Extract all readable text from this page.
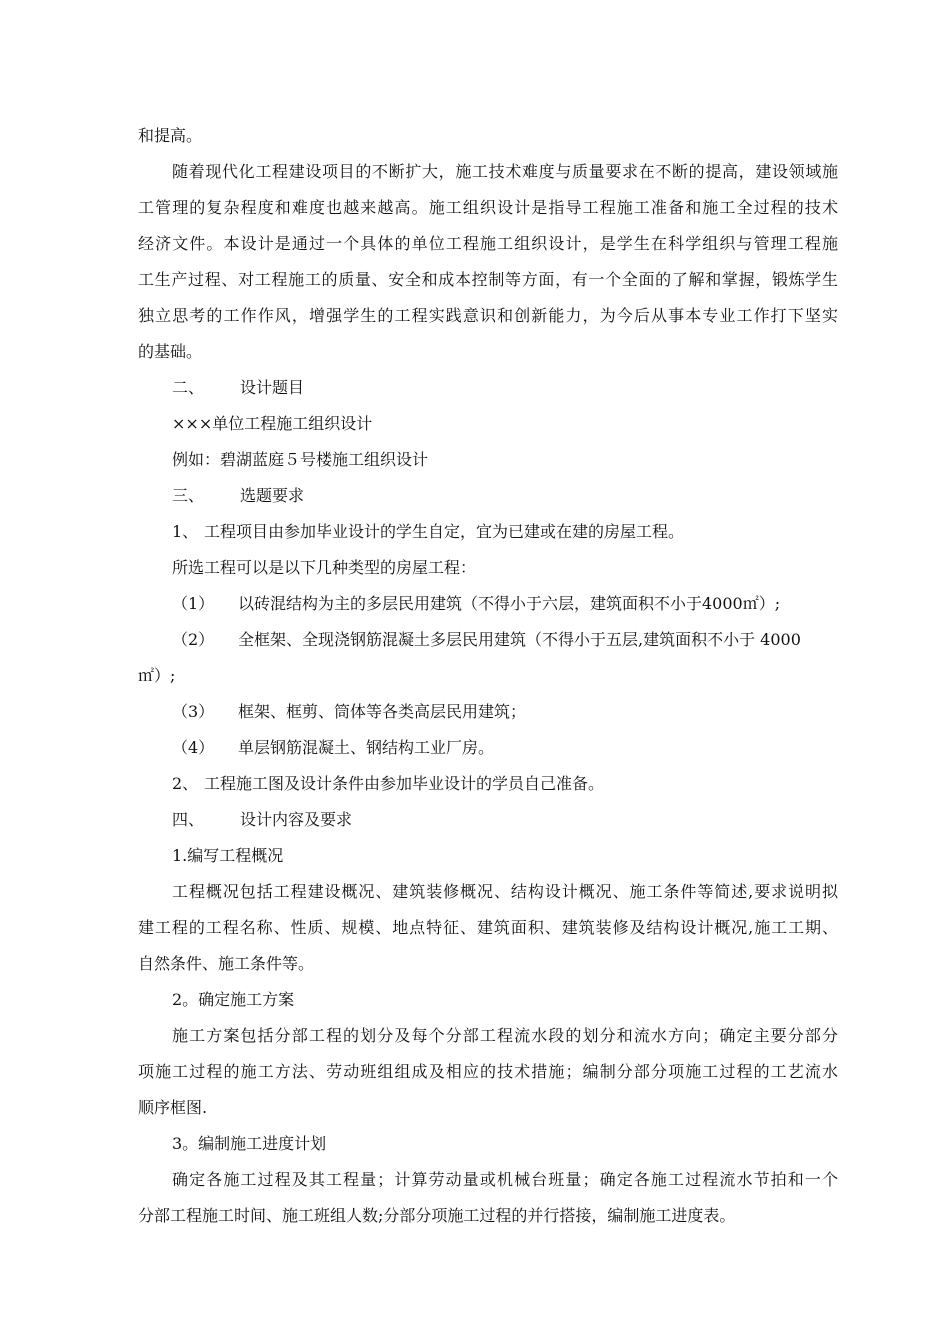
和提高。
随着现代化工程建设项目的不断扩大，施工技术难度与质量要求在不断的提高，建设领域施
工管理的复杂程度和难度也越来越高。施工组织设计是指导工程施工准备和施工全过程的技术
经济文件。本设计是通过一个具体的单位工程施工组织设计，是学生在科学组织与管理工程施
工生产过程、对工程施工的质量、安全和成本控制等方面，有一个全面的了解和掌握，锻炼学生
独立思考的工作作风，增强学生的工程实践意识和创新能力，为今后从事本专业工作打下坚实
的基础。
二、 设计题目
×××单位工程施工组织设计
例如：碧湖蓝庭５号楼施工组织设计
三、 选题要求
1、 工程项目由参加毕业设计的学生自定，宜为已建或在建的房屋工程。
所选工程可以是以下几种类型的房屋工程：
（1） 以砖混结构为主的多层民用建筑（不得小于六层，建筑面积不小于4000㎡）;
（2） 全框架、全现浇钢筋混凝土多层民用建筑（不得小于五层,建筑面积不小于 4000
㎡）;
（3） 框架、框剪、筒体等各类高层民用建筑；
（4） 单层钢筋混凝土、钢结构工业厂房。
2、 工程施工图及设计条件由参加毕业设计的学员自己准备。
四、 设计内容及要求
1.编写工程概况
工程概况包括工程建设概况、建筑装修概况、结构设计概况、施工条件等简述,要求说明拟
建工程的工程名称、性质、规模、地点特征、建筑面积、建筑装修及结构设计概况,施工工期、
自然条件、施工条件等。
2。确定施工方案
施工方案包括分部工程的划分及每个分部工程流水段的划分和流水方向；确定主要分部分
项施工过程的施工方法、劳动班组组成及相应的技术措施；编制分部分项施工过程的工艺流水
顺序框图.
3。编制施工进度计划
确定各施工过程及其工程量；计算劳动量或机械台班量；确定各施工过程流水节拍和一个
分部工程施工时间、施工班组人数;分部分项施工过程的并行搭接，编制施工进度表。
